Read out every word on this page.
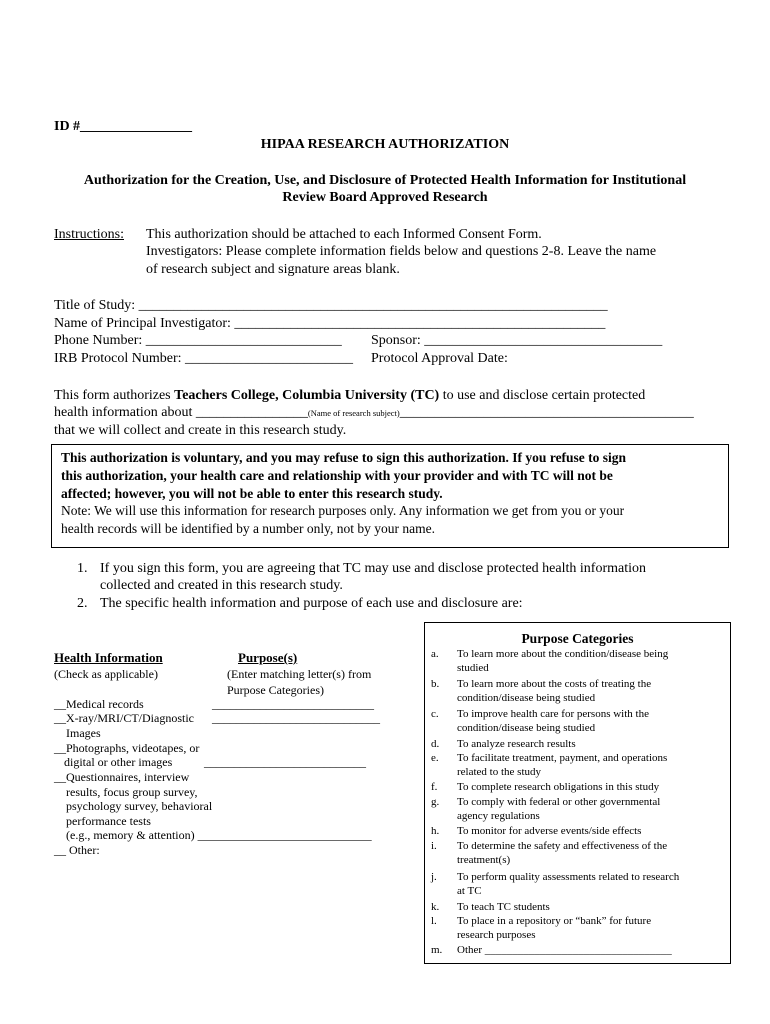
ID #________________
HIPAA RESEARCH AUTHORIZATION
Authorization for the Creation, Use, and Disclosure of Protected Health Information for Institutional
Review Board Approved Research
Instructions: This authorization should be attached to each Informed Consent Form.
Investigators: Please complete information fields below and questions 2-8. Leave the name
of research subject and signature areas blank.
Title of Study: ___________________________________________________________________
Name of Principal Investigator: _____________________________________________________
Phone Number: ____________________________ Sponsor: __________________________________
IRB Protocol Number: ________________________ Protocol Approval Date:
This form authorizes Teachers College, Columbia University (TC) to use and disclose certain protected
health information about ________________(Name of research subject)__________________________________________
that we will collect and create in this research study.
This authorization is voluntary, and you may refuse to sign this authorization. If you refuse to sign
this authorization, your health care and relationship with your provider and with TC will not be
affected; however, you will not be able to enter this research study.
Note: We will use this information for research purposes only. Any information we get from you or your
health records will be identified by a number only, not by your name.
1. If you sign this form, you are agreeing that TC may use and disclose protected health information
collected and created in this research study.
2. The specific health information and purpose of each use and disclosure are:
Health Information
(Check as applicable)
Purpose(s)
(Enter matching letter(s) from
Purpose Categories)
___________________________
__Medical records
__X-ray/MRI/CT/Diagnostic ____________________________
Images
__Photographs, videotapes, or
digital or other images	___________________________
__Questionnaires, interview
results, focus group survey,
psychology survey, behavioral
performance tests
(e.g., memory & attention) _____________________________
__ Other:
Purpose Categories
a. To learn more about the condition/disease being
studied
b. To learn more about the costs of treating the
condition/disease being studied
c. To improve health care for persons with the
condition/disease being studied
d. To analyze research results
e. To facilitate treatment, payment, and operations
related to the study
f. To complete research obligations in this study
g. To comply with federal or other governmental
agency regulations
h. To monitor for adverse events/side effects
i. To determine the safety and effectiveness of the
treatment(s)
j. To perform quality assessments related to research
at TC
k. To teach TC students
l. To place in a repository or “bank” for future
research purposes
m. Other __________________________________
